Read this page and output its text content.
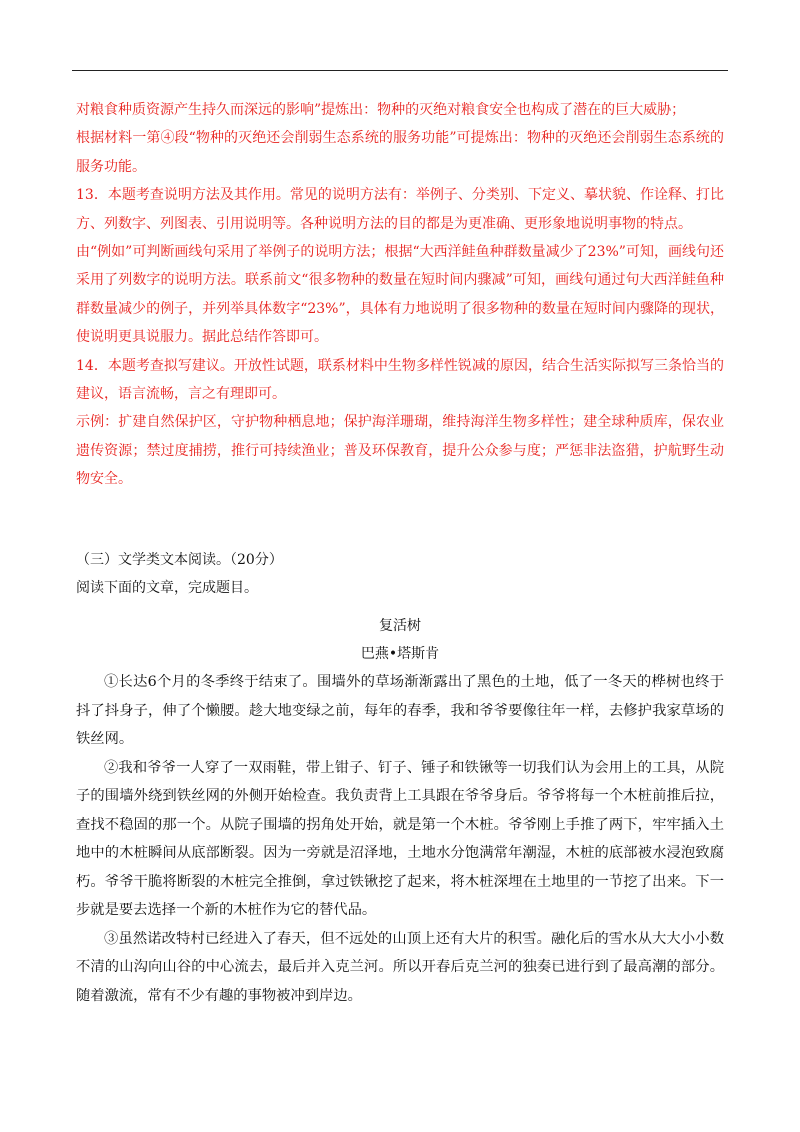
对粮食种质资源产生持久而深远的影响”提炼出：物种的灭绝对粮食安全也构成了潜在的巨大威胁；

根据材料一第④段“物种的灭绝还会削弱生态系统的服务功能”可提炼出：物种的灭绝还会削弱生态系统的服务功能。

13．本题考查说明方法及其作用。常见的说明方法有：举例子、分类别、下定义、摹状貌、作诠释、打比方、列数字、列图表、引用说明等。各种说明方法的目的都是为更准确、更形象地说明事物的特点。

由“例如”可判断画线句采用了举例子的说明方法；根据“大西洋鲑鱼种群数量减少了23%”可知，画线句还采用了列数字的说明方法。联系前文“很多物种的数量在短时间内骤减”可知，画线句通过句大西洋鲑鱼种群数量减少的例子，并列举具体数字“23%”，具体有力地说明了很多物种的数量在短时间内骤降的现状，使说明更具说服力。据此总结作答即可。

14．本题考查拟写建议。开放性试题，联系材料中生物多样性锐减的原因，结合生活实际拟写三条恰当的建议，语言流畅，言之有理即可。

示例：扩建自然保护区，守护物种栖息地；保护海洋珊瑚，维持海洋生物多样性；建全球种质库，保农业遗传资源；禁过度捕捞，推行可持续渔业；普及环保教育，提升公众参与度；严惩非法盗猎，护航野生动物安全。

（三）文学类文本阅读。（20分）

阅读下面的文章，完成题目。

复活树
巴燕•塔斯肯

①长达6个月的冬季终于结束了。围墙外的草场渐渐露出了黑色的土地，低了一冬天的桦树也终于抖了抖身子，伸了个懒腰。趁大地变绿之前，每年的春季，我和爷爷要像往年一样，去修护我家草场的铁丝网。

②我和爷爷一人穿了一双雨鞋，带上钳子、钉子、锤子和铁锹等一切我们认为会用上的工具，从院子的围墙外绕到铁丝网的外侧开始检查。我负责背上工具跟在爷爷身后。爷爷将每一个木桩前推后拉，查找不稳固的那一个。从院子围墙的拐角处开始，就是第一个木桩。爷爷刚上手推了两下，牢牢插入土地中的木桩瞬间从底部断裂。因为一旁就是沼泽地，土地水分饱满常年潮湿，木桩的底部被水浸泡致腐朽。爷爷干脆将断裂的木桩完全推倒，拿过铁锹挖了起来，将木桩深埋在土地里的一节挖了出来。下一步就是要去选择一个新的木桩作为它的替代品。

③虽然诺改特村已经进入了春天，但不远处的山顶上还有大片的积雪。融化后的雪水从大大小小数不清的山沟向山谷的中心流去，最后并入克兰河。所以开春后克兰河的独奏已进行到了最高潮的部分。随着激流，常有不少有趣的事物被冲到岸边。
